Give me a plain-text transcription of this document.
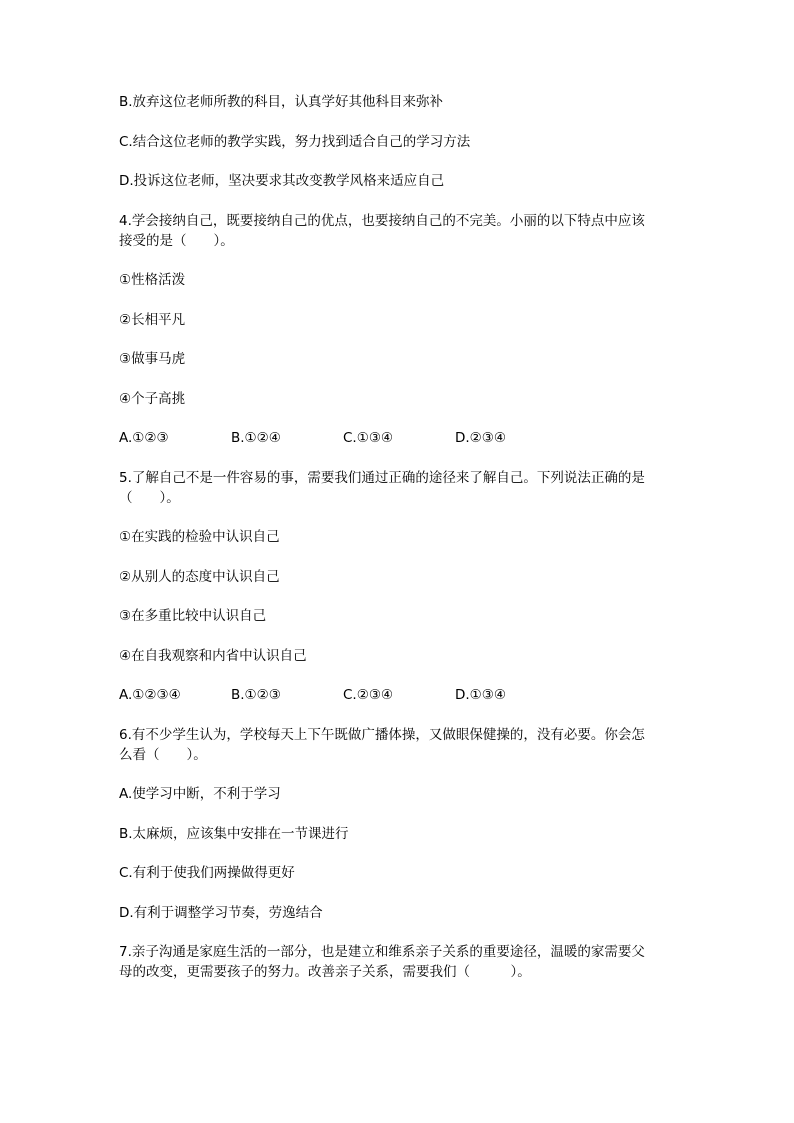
B.放弃这位老师所教的科目，认真学好其他科目来弥补

C.结合这位老师的教学实践，努力找到适合自己的学习方法

D.投诉这位老师，坚决要求其改变教学风格来适应自己

4.学会接纳自己，既要接纳自己的优点，也要接纳自己的不完美。小丽的以下特点中应该

接受的是（　　）。

①性格活泼

②长相平凡

③做事马虎

④个子高挑

A.①②③	B.①②④	C.①③④	D.②③④

5.了解自己不是一件容易的事，需要我们通过正确的途径来了解自己。下列说法正确的是

（　　）。

①在实践的检验中认识自己

②从别人的态度中认识自己

③在多重比较中认识自己

④在自我观察和内省中认识自己

A.①②③④	B.①②③	C.②③④	D.①③④

6.有不少学生认为，学校每天上下午既做广播体操，又做眼保健操的，没有必要。你会怎

么看（　　）。

A.使学习中断，不利于学习

B.太麻烦，应该集中安排在一节课进行

C.有利于使我们两操做得更好

D.有利于调整学习节奏，劳逸结合

7.亲子沟通是家庭生活的一部分，也是建立和维系亲子关系的重要途径，温暖的家需要父

母的改变，更需要孩子的努力。改善亲子关系，需要我们（　　　）。
